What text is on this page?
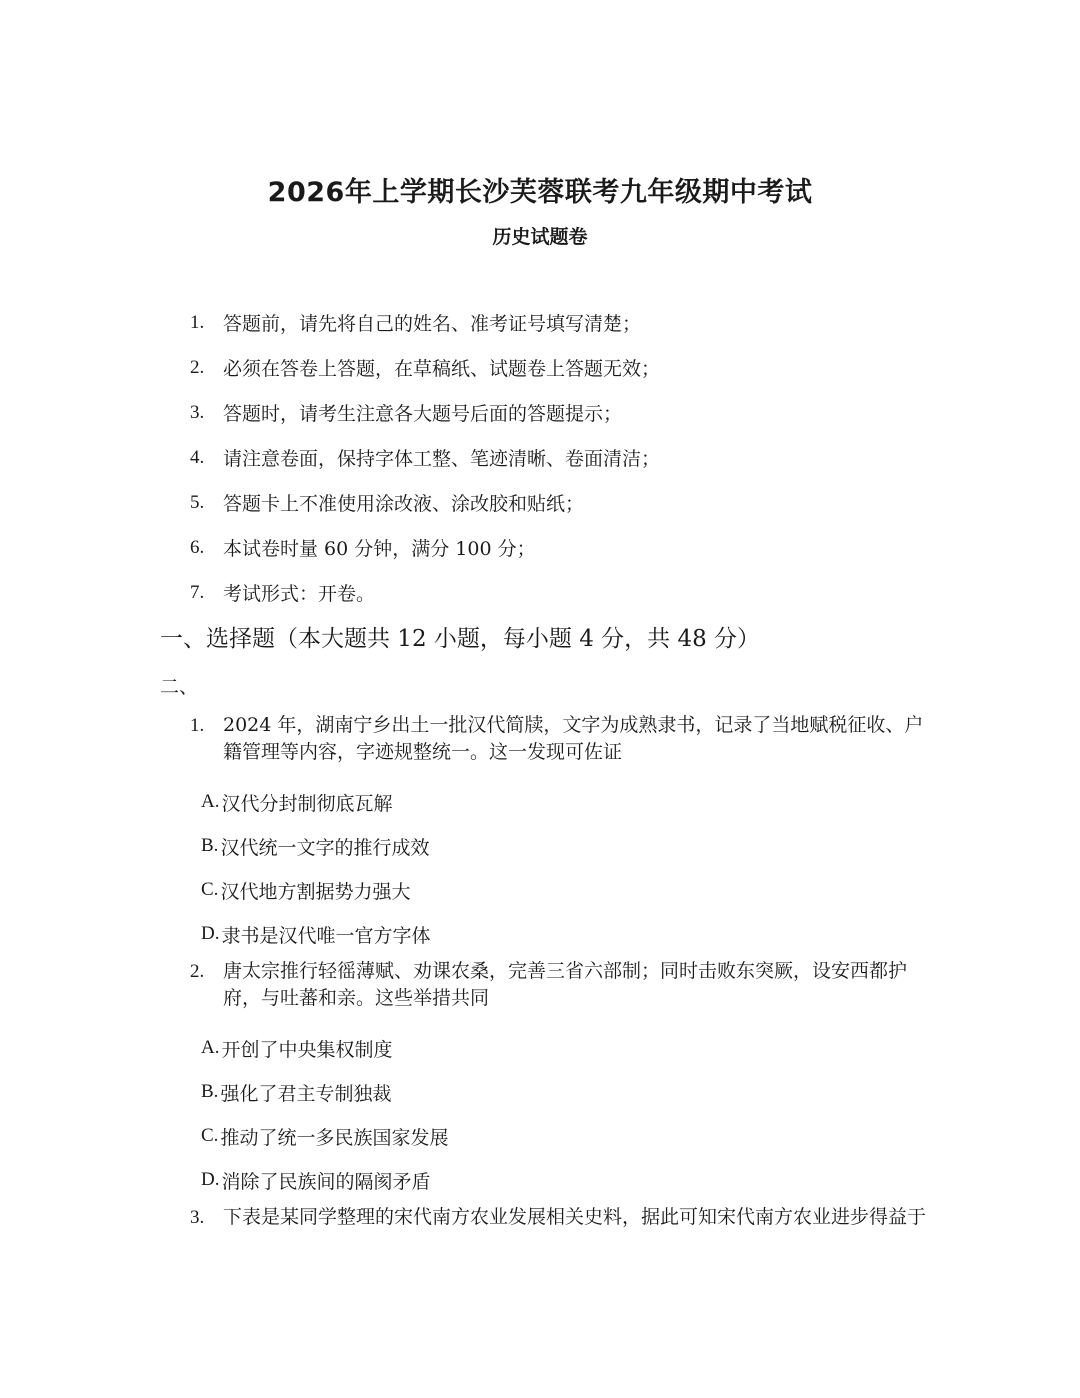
2026年上学期长沙芙蓉联考九年级期中考试
历史试题卷
1. 答题前，请先将自己的姓名、准考证号填写清楚；
2. 必须在答卷上答题，在草稿纸、试题卷上答题无效；
3. 答题时，请考生注意各大题号后面的答题提示；
4. 请注意卷面，保持字体工整、笔迹清晰、卷面清洁；
5. 答题卡上不准使用涂改液、涂改胶和贴纸；
6. 本试卷时量 60 分钟，满分 100 分；
7. 考试形式：开卷。
一、选择题（本大题共 12 小题，每小题 4 分，共 48 分）
二、
1. 2024 年，湖南宁乡出土一批汉代简牍，文字为成熟隶书，记录了当地赋税征收、户籍管理等内容，字迹规整统一。这一发现可佐证
A. 汉代分封制彻底瓦解
B. 汉代统一文字的推行成效
C. 汉代地方割据势力强大
D. 隶书是汉代唯一官方字体
2. 唐太宗推行轻徭薄赋、劝课农桑，完善三省六部制；同时击败东突厥，设安西都护府，与吐蕃和亲。这些举措共同
A. 开创了中央集权制度
B. 强化了君主专制独裁
C. 推动了统一多民族国家发展
D. 消除了民族间的隔阂矛盾
3. 下表是某同学整理的宋代南方农业发展相关史料，据此可知宋代南方农业进步得益于
